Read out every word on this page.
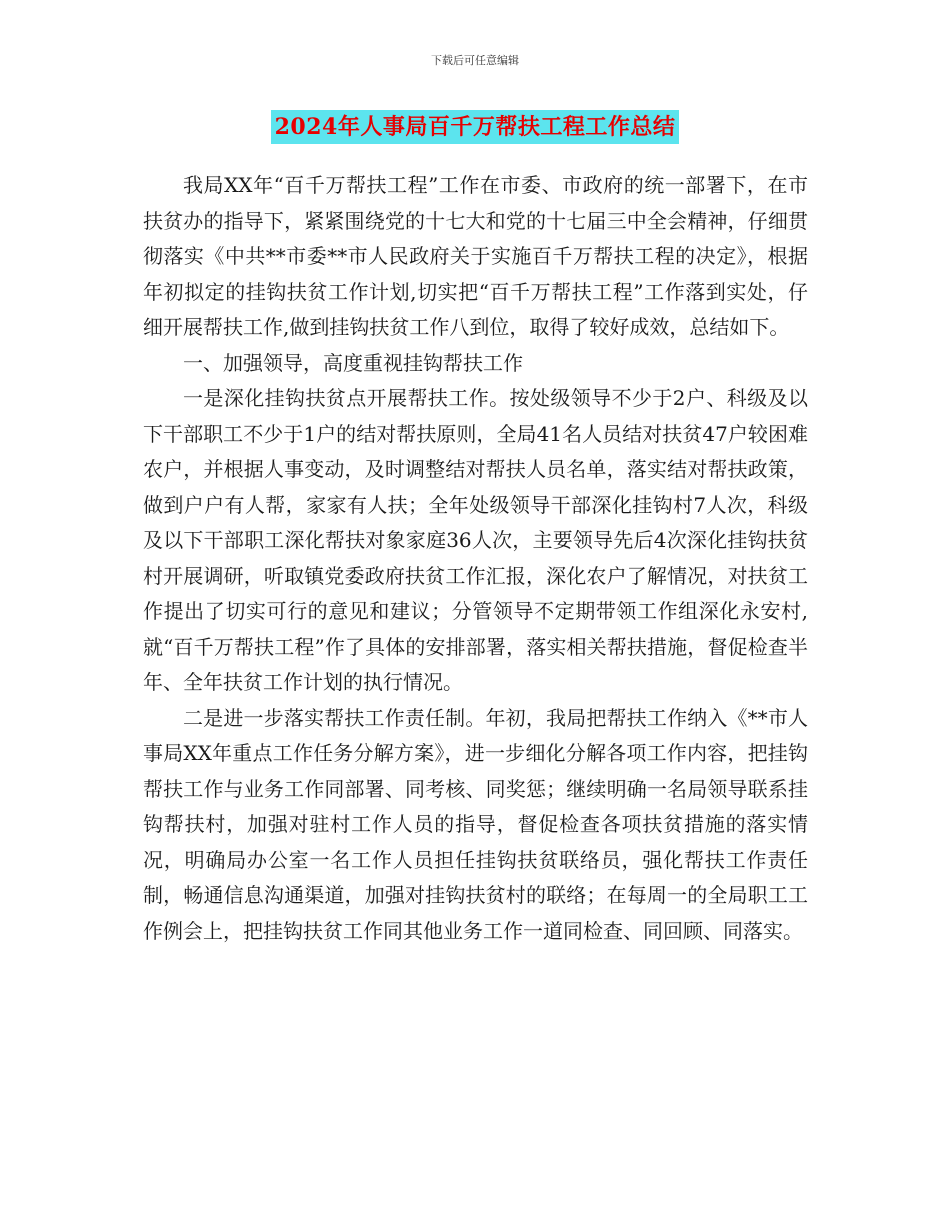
下载后可任意编辑
2024年人事局百千万帮扶工程工作总结

我局XX年“百千万帮扶工程”工作在市委、市政府的统一部署下，在市扶贫办的指导下，紧紧围绕党的十七大和党的十七届三中全会精神，仔细贯彻落实《中共**市委**市人民政府关于实施百千万帮扶工程的决定》，根据年初拟定的挂钩扶贫工作计划,切实把“百千万帮扶工程”工作落到实处，仔细开展帮扶工作,做到挂钩扶贫工作八到位，取得了较好成效，总结如下。

一、加强领导，高度重视挂钩帮扶工作

一是深化挂钩扶贫点开展帮扶工作。按处级领导不少于2户、科级及以下干部职工不少于1户的结对帮扶原则，全局41名人员结对扶贫47户较困难农户，并根据人事变动，及时调整结对帮扶人员名单，落实结对帮扶政策，做到户户有人帮，家家有人扶；全年处级领导干部深化挂钩村7人次，科级及以下干部职工深化帮扶对象家庭36人次，主要领导先后4次深化挂钩扶贫村开展调研，听取镇党委政府扶贫工作汇报，深化农户了解情况，对扶贫工作提出了切实可行的意见和建议；分管领导不定期带领工作组深化永安村,就“百千万帮扶工程”作了具体的安排部署，落实相关帮扶措施，督促检查半年、全年扶贫工作计划的执行情况。

二是进一步落实帮扶工作责任制。年初，我局把帮扶工作纳入《**市人事局XX年重点工作任务分解方案》，进一步细化分解各项工作内容，把挂钩帮扶工作与业务工作同部署、同考核、同奖惩；继续明确一名局领导联系挂钩帮扶村，加强对驻村工作人员的指导，督促检查各项扶贫措施的落实情况，明确局办公室一名工作人员担任挂钩扶贫联络员，强化帮扶工作责任制，畅通信息沟通渠道，加强对挂钩扶贫村的联络；在每周一的全局职工工作例会上，把挂钩扶贫工作同其他业务工作一道同检查、同回顾、同落实。
